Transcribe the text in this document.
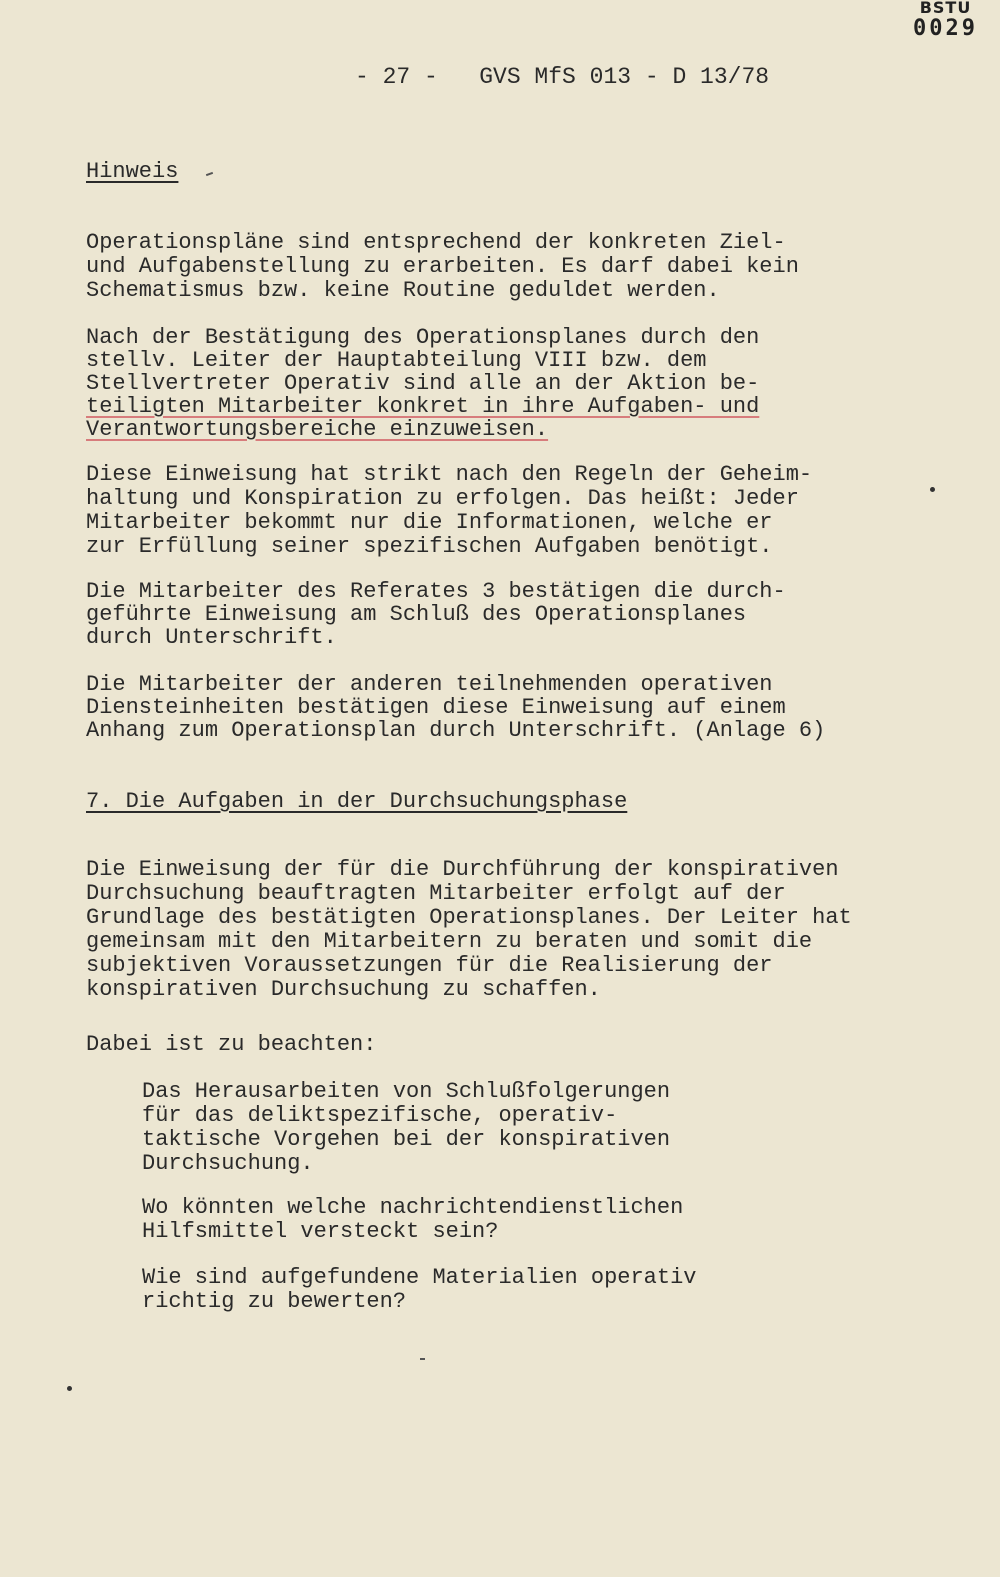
BSTU
0029
- 27 -   GVS MfS 013 - D 13/78
Hinweis
Operationspläne sind entsprechend der konkreten Ziel-
und Aufgabenstellung zu erarbeiten. Es darf dabei kein
Schematismus bzw. keine Routine geduldet werden.
Nach der Bestätigung des Operationsplanes durch den
stellv. Leiter der Hauptabteilung VIII bzw. dem
Stellvertreter Operativ sind alle an der Aktion be-
teiligten Mitarbeiter konkret in ihre Aufgaben- und
Verantwortungsbereiche einzuweisen.
Diese Einweisung hat strikt nach den Regeln der Geheim-
haltung und Konspiration zu erfolgen. Das heißt: Jeder
Mitarbeiter bekommt nur die Informationen, welche er
zur Erfüllung seiner spezifischen Aufgaben benötigt.
Die Mitarbeiter des Referates 3 bestätigen die durch-
geführte Einweisung am Schluß des Operationsplanes
durch Unterschrift.
Die Mitarbeiter der anderen teilnehmenden operativen
Diensteinheiten bestätigen diese Einweisung auf einem
Anhang zum Operationsplan durch Unterschrift. (Anlage 6)
7. Die Aufgaben in der Durchsuchungsphase
Die Einweisung der für die Durchführung der konspirativen
Durchsuchung beauftragten Mitarbeiter erfolgt auf der
Grundlage des bestätigten Operationsplanes. Der Leiter hat
gemeinsam mit den Mitarbeitern zu beraten und somit die
subjektiven Voraussetzungen für die Realisierung der
konspirativen Durchsuchung zu schaffen.
Dabei ist zu beachten:
Das Herausarbeiten von Schlußfolgerungen
für das deliktspezifische, operativ-
taktische Vorgehen bei der konspirativen
Durchsuchung.
Wo könnten welche nachrichtendienstlichen
Hilfsmittel versteckt sein?
Wie sind aufgefundene Materialien operativ
richtig zu bewerten?
